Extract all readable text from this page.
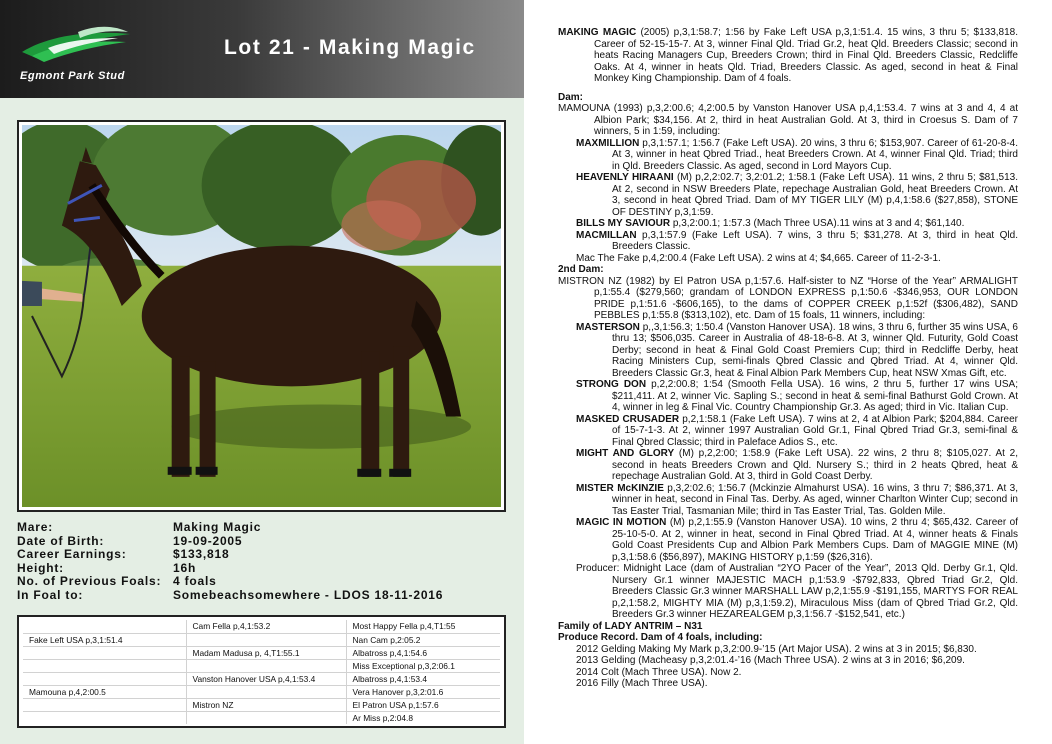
Egmont Park Stud
Lot 21 - Making Magic
Mare:	Making Magic
Date of Birth:	19-09-2005
Career Earnings:	$133,818
Height:	16h
No. of Previous Foals: 4 foals
In Foal to:	Somebeachsomewhere - LDOS 18-11-2016
	Cam Fella p,4,1:53.2	Most Happy Fella p,4,T1:55
Fake Left USA p,3,1:51.4		Nan Cam p,2:05.2
	Madam Madusa p, 4,T1:55.1	Albatross p,4,1:54.6
		Miss Exceptional p,3,2:06.1
	Vanston Hanover USA p,4,1:53.4	Albatross p,4,1:53.4
Mamouna p,4,2:00.5		Vera Hanover p,3,2:01.6
	Mistron NZ	El Patron USA p,1:57.6
		Ar Miss p,2:04.8

MAKING MAGIC (2005) p,3,1:58.7; 1:56 by Fake Left USA p,3,1:51.4. 15 wins, 3 thru 5; $133,818. Career of 52-15-15-7. At 3, winner Final Qld. Triad Gr.2, heat Qld. Breeders Classic; second in heats Racing Managers Cup, Breeders Crown; third in Final Qld. Breeders Classic, Redcliffe Oaks. At 4, winner in heats Qld. Triad, Breeders Classic. As aged, second in heat & Final Monkey King Championship. Dam of 4 foals.

Dam:

MAMOUNA (1993) p,3,2:00.6; 4,2:00.5 by Vanston Hanover USA p,4,1:53.4. 7 wins at 3 and 4, 4 at Albion Park; $34,156. At 2, third in heat Australian Gold. At 3, third in Croesus S. Dam of 7 winners, 5 in 1:59, including:

MAXMILLION p,3,1:57.1; 1:56.7 (Fake Left USA). 20 wins, 3 thru 6; $153,907. Career of 61-20-8-4. At 3, winner in heat Qbred Triad., heat Breeders Crown. At 4, winner Final Qld. Triad; third in Qld. Breeders Classic. As aged, second in Lord Mayors Cup.

HEAVENLY HIRAANI (M) p,2,2:02.7; 3,2:01.2; 1:58.1 (Fake Left USA). 11 wins, 2 thru 5; $81,513. At 2, second in NSW Breeders Plate, repechage Australian Gold, heat Breeders Crown. At 3, second in heat Qbred Triad. Dam of MY TIGER LILY (M) p,4,1:58.6 ($27,858), STONE OF DESTINY p,3,1:59.

BILLS MY SAVIOUR p,3,2:00.1; 1:57.3 (Mach Three USA).11 wins at 3 and 4; $61,140.

MACMILLAN p,3,1:57.9 (Fake Left USA). 7 wins, 3 thru 5; $31,278. At 3, third in heat Qld. Breeders Classic.

Mac The Fake p,4,2:00.4 (Fake Left USA). 2 wins at 4; $4,665. Career of 11-2-3-1.

2nd Dam:

MISTRON NZ (1982) by El Patron USA p,1:57.6. Half-sister to NZ “Horse of the Year” ARMALIGHT p,1:55.4 ($279,560; grandam of LONDON EXPRESS p,1:50.6 -$346,953, OUR LONDON PRIDE p,1:51.6 -$606,165), to the dams of COPPER CREEK p,1:52f ($306,482), SAND PEBBLES p,1:55.8 ($313,102), etc. Dam of 15 foals, 11 winners, including:

MASTERSON p,,3,1:56.3; 1:50.4 (Vanston Hanover USA). 18 wins, 3 thru 6, further 35 wins USA, 6 thru 13; $506,035. Career in Australia of 48-18-6-8. At 3, winner Qld. Futurity, Gold Coast Derby; second in heat & Final Gold Coast Premiers Cup; third in Redcliffe Derby, heat Racing Ministers Cup, semi-finals Qbred Classic and Qbred Triad. At 4, winner Qld. Breeders Classic Gr.3, heat & Final Albion Park Members Cup, heat NSW Xmas Gift, etc.

STRONG DON p,2,2:00.8; 1:54 (Smooth Fella USA). 16 wins, 2 thru 5, further 17 wins USA; $211,411. At 2, winner Vic. Sapling S.; second in heat & semi-final Bathurst Gold Crown. At 4, winner in leg & Final Vic. Country Championship Gr.3. As aged; third in Vic. Italian Cup.

MASKED CRUSADER p,2,1:58.1 (Fake Left USA). 7 wins at 2, 4 at Albion Park; $204,884. Career of 15-7-1-3. At 2, winner 1997 Australian Gold Gr.1, Final Qbred Triad Gr.3, semi-final & Final Qbred Classic; third in Paleface Adios S., etc.

MIGHT AND GLORY (M) p,2,2:00; 1:58.9 (Fake Left USA). 22 wins, 2 thru 8; $105,027. At 2, second in heats Breeders Crown and Qld. Nursery S.; third in 2 heats Qbred, heat & repechage Australian Gold. At 3, third in Gold Coast Derby.

MISTER McKINZIE p,3,2:02.6; 1:56.7 (Mckinzie Almahurst USA). 16 wins, 3 thru 7; $86,371. At 3, winner in heat, second in Final Tas. Derby. As aged, winner Charlton Winter Cup; second in Tas Easter Trial, Tasmanian Mile; third in Tas Easter Trial, Tas. Golden Mile.

MAGIC IN MOTION (M) p,2,1:55.9 (Vanston Hanover USA). 10 wins, 2 thru 4; $65,432. Career of 25-10-5-0. At 2, winner in heat, second in Final Qbred Triad. At 4, winner heats & Finals Gold Coast Presidents Cup and Albion Park Members Cups. Dam of MAGGIE MINE (M) p,3,1:58.6 ($56,897), MAKING HISTORY p,1:59 ($26,316).

Producer: Midnight Lace (dam of Australian “2YO Pacer of the Year”, 2013 Qld. Derby Gr.1, Qld. Nursery Gr.1 winner MAJESTIC MACH p,1:53.9 -$792,833, Qbred Triad Gr.2, Qld. Breeders Classic Gr.3 winner MARSHALL LAW p,2,1:55.9 -$191,155, MARTYS FOR REAL p,2,1:58.2, MIGHTY MIA (M) p,3,1:59.2), Miraculous Miss (dam of Qbred Triad Gr.2, Qld. Breeders Gr.3 winner HEZAREALGEM p,3,1:56.7 -$152,541, etc.)

Family of LADY ANTRIM – N31

Produce Record. Dam of 4 foals, including:

2012 Gelding Making My Mark p,3,2:00.9-’15 (Art Major USA). 2 wins at 3 in 2015; $6,830.

2013 Gelding (Macheasy p,3,2:01.4-’16 (Mach Three USA). 2 wins at 3 in 2016; $6,209.

2014 Colt (Mach Three USA). Now 2.

2016 Filly (Mach Three USA).
